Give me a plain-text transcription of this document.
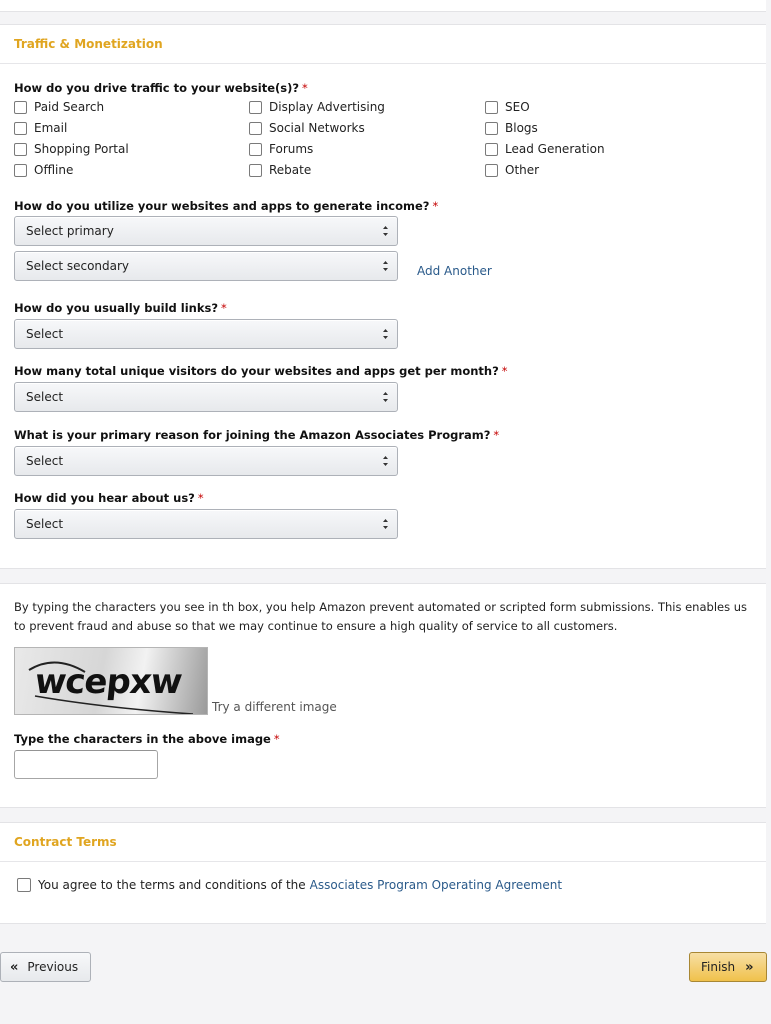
Traffic & Monetization
How do you drive traffic to your website(s)? *
Paid Search	Display Advertising	SEO
Email	Social Networks	Blogs
Shopping Portal	Forums	Lead Generation
Offline	Rebate	Other
How do you utilize your websites and apps to generate income? *
Select primary
Select secondary	Add Another
How do you usually build links? *
Select
How many total unique visitors do your websites and apps get per month? *
Select
What is your primary reason for joining the Amazon Associates Program? *
Select
How did you hear about us? *
Select
By typing the characters you see in th box, you help Amazon prevent automated or scripted form submissions. This enables us to prevent fraud and abuse so that we may continue to ensure a high quality of service to all customers.
wcepxw
Try a different image
Type the characters in the above image *
Contract Terms
You agree to the terms and conditions of the Associates Program Operating Agreement
« Previous	Finish »
